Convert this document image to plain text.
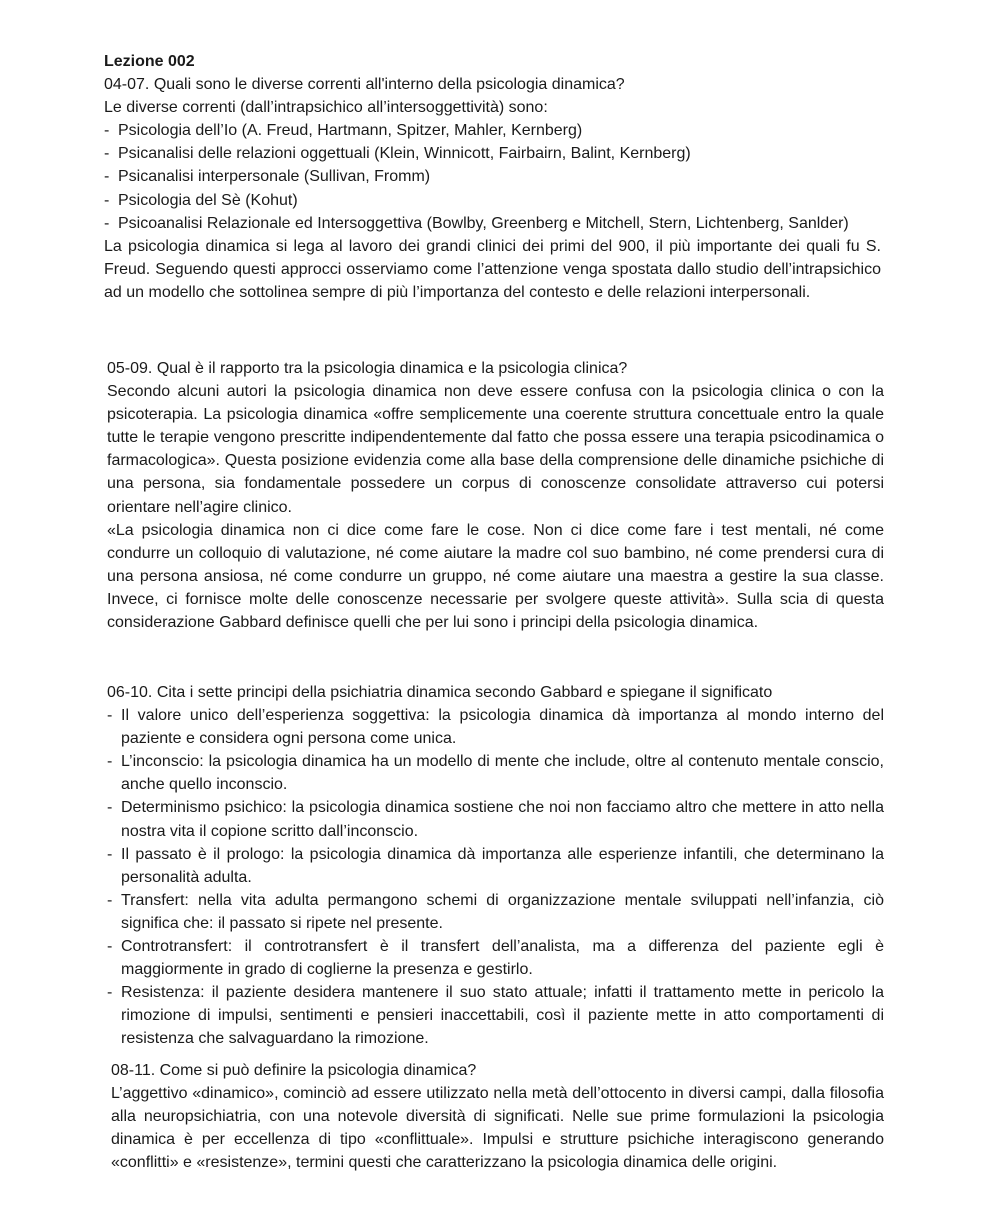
Lezione 002
04-07. Quali sono le diverse correnti all'interno della psicologia dinamica?
Le diverse correnti (dall’intrapsichico all’intersoggettività) sono:
- Psicologia dell’Io (A. Freud, Hartmann, Spitzer, Mahler, Kernberg)
- Psicanalisi delle relazioni oggettuali (Klein, Winnicott, Fairbairn, Balint, Kernberg)
- Psicanalisi interpersonale (Sullivan, Fromm)
- Psicologia del Sè (Kohut)
- Psicoanalisi Relazionale ed Intersoggettiva (Bowlby, Greenberg e Mitchell, Stern, Lichtenberg, Sanlder)
La psicologia dinamica si lega al lavoro dei grandi clinici dei primi del 900, il più importante dei quali fu S. Freud. Seguendo questi approcci osserviamo come l’attenzione venga spostata dallo studio dell’intrapsichico ad un modello che sottolinea sempre di più l’importanza del contesto e delle relazioni interpersonali.
05-09. Qual è il rapporto tra la psicologia dinamica e la psicologia clinica?
Secondo alcuni autori la psicologia dinamica non deve essere confusa con la psicologia clinica o con la psicoterapia. La psicologia dinamica «offre semplicemente una coerente struttura concettuale entro la quale tutte le terapie vengono prescritte indipendentemente dal fatto che possa essere una terapia psicodinamica o farmacologica». Questa posizione evidenzia come alla base della comprensione delle dinamiche psichiche di una persona, sia fondamentale possedere un corpus di conoscenze consolidate attraverso cui potersi orientare nell’agire clinico.
«La psicologia dinamica non ci dice come fare le cose. Non ci dice come fare i test mentali, né come condurre un colloquio di valutazione, né come aiutare la madre col suo bambino, né come prendersi cura di una persona ansiosa, né come condurre un gruppo, né come aiutare una maestra a gestire la sua classe. Invece, ci fornisce molte delle conoscenze necessarie per svolgere queste attività». Sulla scia di questa considerazione Gabbard definisce quelli che per lui sono i principi della psicologia dinamica.
06-10. Cita i sette principi della psichiatria dinamica secondo Gabbard e spiegane il significato
- Il valore unico dell’esperienza soggettiva: la psicologia dinamica dà importanza al mondo interno del paziente e considera ogni persona come unica.
- L’inconscio: la psicologia dinamica ha un modello di mente che include, oltre al contenuto mentale conscio, anche quello inconscio.
- Determinismo psichico: la psicologia dinamica sostiene che noi non facciamo altro che mettere in atto nella nostra vita il copione scritto dall’inconscio.
- Il passato è il prologo: la psicologia dinamica dà importanza alle esperienze infantili, che determinano la personalità adulta.
- Transfert: nella vita adulta permangono schemi di organizzazione mentale sviluppati nell’infanzia, ciò significa che: il passato si ripete nel presente.
- Controtransfert: il controtransfert è il transfert dell’analista, ma a differenza del paziente egli è maggiormente in grado di coglierne la presenza e gestirlo.
- Resistenza: il paziente desidera mantenere il suo stato attuale; infatti il trattamento mette in pericolo la rimozione di impulsi, sentimenti e pensieri inaccettabili, così il paziente mette in atto comportamenti di resistenza che salvaguardano la rimozione.
08-11. Come si può definire la psicologia dinamica?
L’aggettivo «dinamico», cominciò ad essere utilizzato nella metà dell’ottocento in diversi campi, dalla filosofia alla neuropsichiatria, con una notevole diversità di significati. Nelle sue prime formulazioni la psicologia dinamica è per eccellenza di tipo «conflittuale». Impulsi e strutture psichiche interagiscono generando «conflitti» e «resistenze», termini questi che caratterizzano la psicologia dinamica delle origini.
